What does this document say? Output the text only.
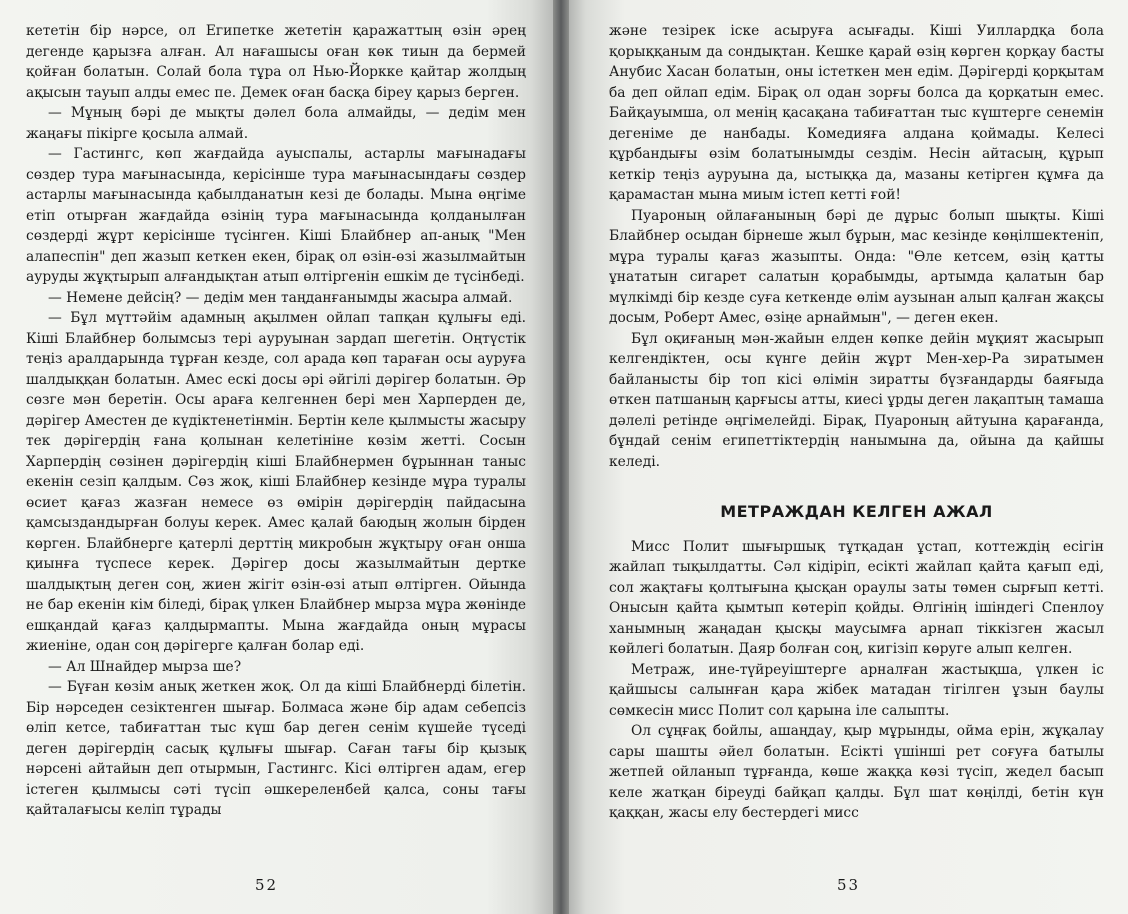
кететін бір нәрсе, ол Египетке жететін қаражаттың өзін әрең дегенде қарызға алған. Ал нағашысы оған көк тиын да бермей қойған болатын. Солай бола тұра ол Нью-Йоркке қайтар жолдың ақысын тауып алды емес пе. Демек оған басқа біреу қарыз берген.

— Мұның бәрі де мықты дәлел бола алмайды, — дедім мен жаңағы пікірге қосыла алмай.

— Гастингс, көп жағдайда ауыспалы, астарлы мағынадағы сөздер тура мағынасында, керісінше тура мағынасындағы сөздер астарлы мағынасында қабылданатын кезі де болады. Мына өңгіме етіп отырған жағдайда өзінің тура мағынасында қолданылған сөздерді жұрт керісінше түсінген. Кіші Блайбнер ап-анық "Мен алапеспін" деп жазып кеткен екен, бірақ ол өзін-өзі жазылмайтын ауруды жұқтырып алғандықтан атып өлтіргенін ешкім де түсінбеді.

— Немене дейсің? — дедім мен таңданғанымды жасыра алмай.

— Бұл мүттәйім адамның ақылмен ойлап тапқан құлығы еді. Кіші Блайбнер болымсыз тері ауруынан зардап шегетін. Оңтүстік теңіз аралдарында тұрған кезде, сол арада көп тараған осы ауруға шалдыққан болатын. Амес ескі досы әрі әйгілі дәрігер болатын. Әр сөзге мән беретін. Осы араға келгеннен бері мен Харперден де, дәрігер Аместен де күдіктенетінмін. Бертін келе қылмысты жасыру тек дәрігердің ғана қолынан келетініне көзім жетті. Сосын Харпердің сөзінен дәрігердің кіші Блайбнермен бұрыннан таныс екенін сезіп қалдым. Сөз жоқ, кіші Блайбнер кезінде мұра туралы өсиет қағаз жазған немесе өз өмірін дәрігердің пайдасына қамсыздандырған болуы керек. Амес қалай баюдың жолын бірден көрген. Блайбнерге қатерлі дерттің микробын жұқтыру оған онша қиынға түспесе керек. Дәрігер досы жазылмайтын дертке шалдықтың деген соң, жиен жігіт өзін-өзі атып өлтірген. Ойында не бар екенін кім біледі, бірақ үлкен Блайбнер мырза мұра жөнінде ешқандай қағаз қалдырмапты. Мына жағдайда оның мұрасы жиеніне, одан соң дәрігерге қалған болар еді.

— Ал Шнайдер мырза ше?

— Бүған көзім анық жеткен жоқ. Ол да кіші Блайбнерді білетін. Бір нәрседен сезіктенген шығар. Болмаса және бір адам себепсіз өліп кетсе, табиғаттан тыс күш бар деген сенім күшейе түседі деген дәрігердің сасық құлығы шығар. Саған тағы бір қызық нәрсені айтайын деп отырмын, Гастингс. Кісі өлтірген адам, егер істеген қылмысы сәті түсіп әшкереленбей қалса, соны тағы қайталағысы келіп тұрады

52

және тезірек іске асыруға асығады. Кіші Уиллардқа бола қорыққаным да сондықтан. Кешке қарай өзің көрген қорқау басты Анубис Хасан болатын, оны істеткен мен едім. Дәрігерді қорқытам ба деп ойлап едім. Бірақ ол одан зорғы болса да қорқатын емес. Байқауымша, ол менің қасақана табиғаттан тыс күштерге сенемін дегеніме де нанбады. Комедияға алдана қоймады. Келесі құрбандығы өзім болатынымды сездім. Несін айтасың, құрып кеткір теңіз ауруына да, ыстыққа да, мазаны кетірген құмға да қарамастан мына миым істеп кетті ғой!

Пуароның ойлағанының бәрі де дұрыс болып шықты. Кіші Блайбнер осыдан бірнеше жыл бұрын, мас кезінде көңілшектеніп, мұра туралы қағаз жазыпты. Онда: "Өле кетсем, өзің қатты ұнататын сигарет салатын қорабымды, артымда қалатын бар мүлкімді бір кезде суға кеткенде өлім аузынан алып қалған жақсы досым, Роберт Амес, өзіңе арнаймын", — деген екен.

Бұл оқиғаның мән-жайын елден көпке дейін мұқият жасырып келгендіктен, осы күнге дейін жұрт Мен-хер-Ра зиратымен байланысты бір топ кісі өлімін зиратты бүзғандарды баяғыда өткен патшаның қарғысы атты, киесі ұрды деген лақаптың тамаша дәлелі ретінде әңгімелейді. Бірақ, Пуароның айтуына қарағанда, бұндай сенім египеттіктердің нанымына да, ойына да қайшы келеді.

МЕТРАЖДАН КЕЛГЕН АЖАЛ

Мисс Полит шығыршық тұтқадан ұстап, коттеждің есігін жайлап тықылдатты. Сәл кідіріп, есікті жайлап қайта қағып еді, сол жақтағы қолтығына қысқан ораулы заты төмен сырғып кетті. Онысын қайта қымтып көтеріп қойды. Өлгінің ішіндегі Спенлоу ханымның жаңадан қысқы маусымға арнап тіккізген жасыл көйлегі болатын. Даяр болған соң, кигізіп көруге алып келген.

Метраж, ине-түйреуіштерге арналған жастықша, үлкен іс қайшысы салынған қара жібек матадан тігілген ұзын баулы сөмкесін мисс Полит сол қарына іле салыпты.

Ол сұңғақ бойлы, ашаңдау, қыр мұрынды, ойма ерін, жұқалау сары шашты әйел болатын. Есікті үшінші рет соғуға батылы жетпей ойланып тұрғанда, көше жаққа көзі түсіп, жедел басып келе жатқан біреуді байқап қалды. Бұл шат көңілді, бетін күн қаққан, жасы елу бестердегі мисс

53
